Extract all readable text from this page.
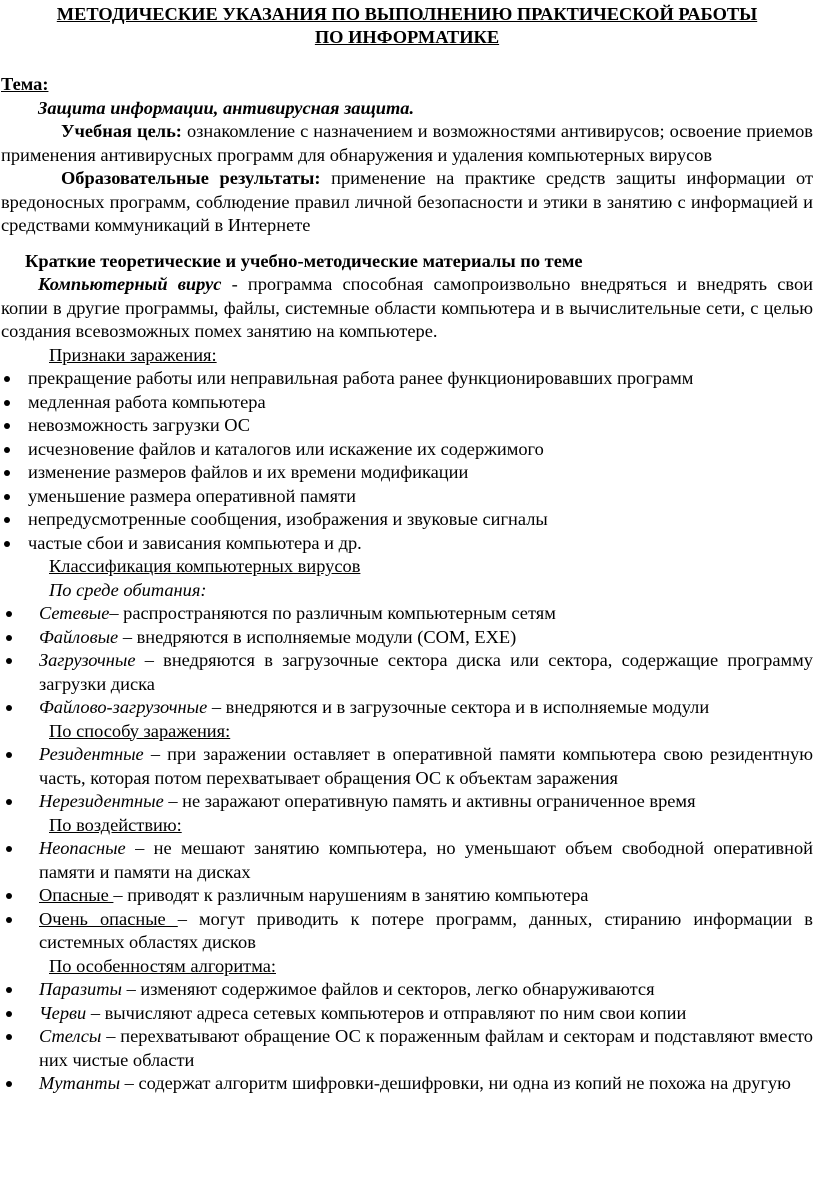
МЕТОДИЧЕСКИЕ УКАЗАНИЯ ПО ВЫПОЛНЕНИЮ ПРАКТИЧЕСКОЙ РАБОТЫ
ПО ИНФОРМАТИКЕ
Тема:
Защита информации, антивирусная защита.
Учебная цель: ознакомление с назначением и возможностями антивирусов; освоение приемов применения антивирусных программ для обнаружения и удаления компьютерных вирусов
Образовательные результаты: применение на практике средств защиты информации от вредоносных программ, соблюдение правил личной безопасности и этики в занятию с информацией и средствами коммуникаций в Интернете
Краткие теоретические и учебно-методические материалы по теме
Компьютерный вирус - программа способная самопроизвольно внедряться и внедрять свои копии в другие программы, файлы, системные области компьютера и в вычислительные сети, с целью создания всевозможных помех занятию на компьютере.
Признаки заражения:
прекращение работы или неправильная работа ранее функционировавших программ
медленная работа компьютера
невозможность загрузки ОС
исчезновение файлов и каталогов или искажение их содержимого
изменение размеров файлов и их времени модификации
уменьшение размера оперативной памяти
непредусмотренные сообщения, изображения и звуковые сигналы
частые сбои и зависания компьютера и др.
Классификация компьютерных вирусов
По среде обитания:
Сетевые– распространяются по различным компьютерным сетям
Файловые – внедряются в исполняемые модули (COM, EXE)
Загрузочные – внедряются в загрузочные сектора диска или сектора, содержащие программу загрузки диска
Файлово-загрузочные – внедряются и в загрузочные сектора и в исполняемые модули
По способу заражения:
Резидентные – при заражении оставляет в оперативной памяти компьютера свою резидентную часть, которая потом перехватывает обращения ОС к объектам заражения
Нерезидентные – не заражают оперативную память и активны ограниченное время
По воздействию:
Неопасные – не мешают занятию компьютера, но уменьшают объем свободной оперативной памяти и памяти на дисках
Опасные – приводят к различным нарушениям в занятию компьютера
Очень опасные – могут приводить к потере программ, данных, стиранию информации в системных областях дисков
По особенностям алгоритма:
Паразиты – изменяют содержимое файлов и секторов, легко обнаруживаются
Черви – вычисляют адреса сетевых компьютеров и отправляют по ним свои копии
Стелсы – перехватывают обращение ОС к пораженным файлам и секторам и подставляют вместо них чистые области
Мутанты – содержат алгоритм шифровки-дешифровки, ни одна из копий не похожа на другую
